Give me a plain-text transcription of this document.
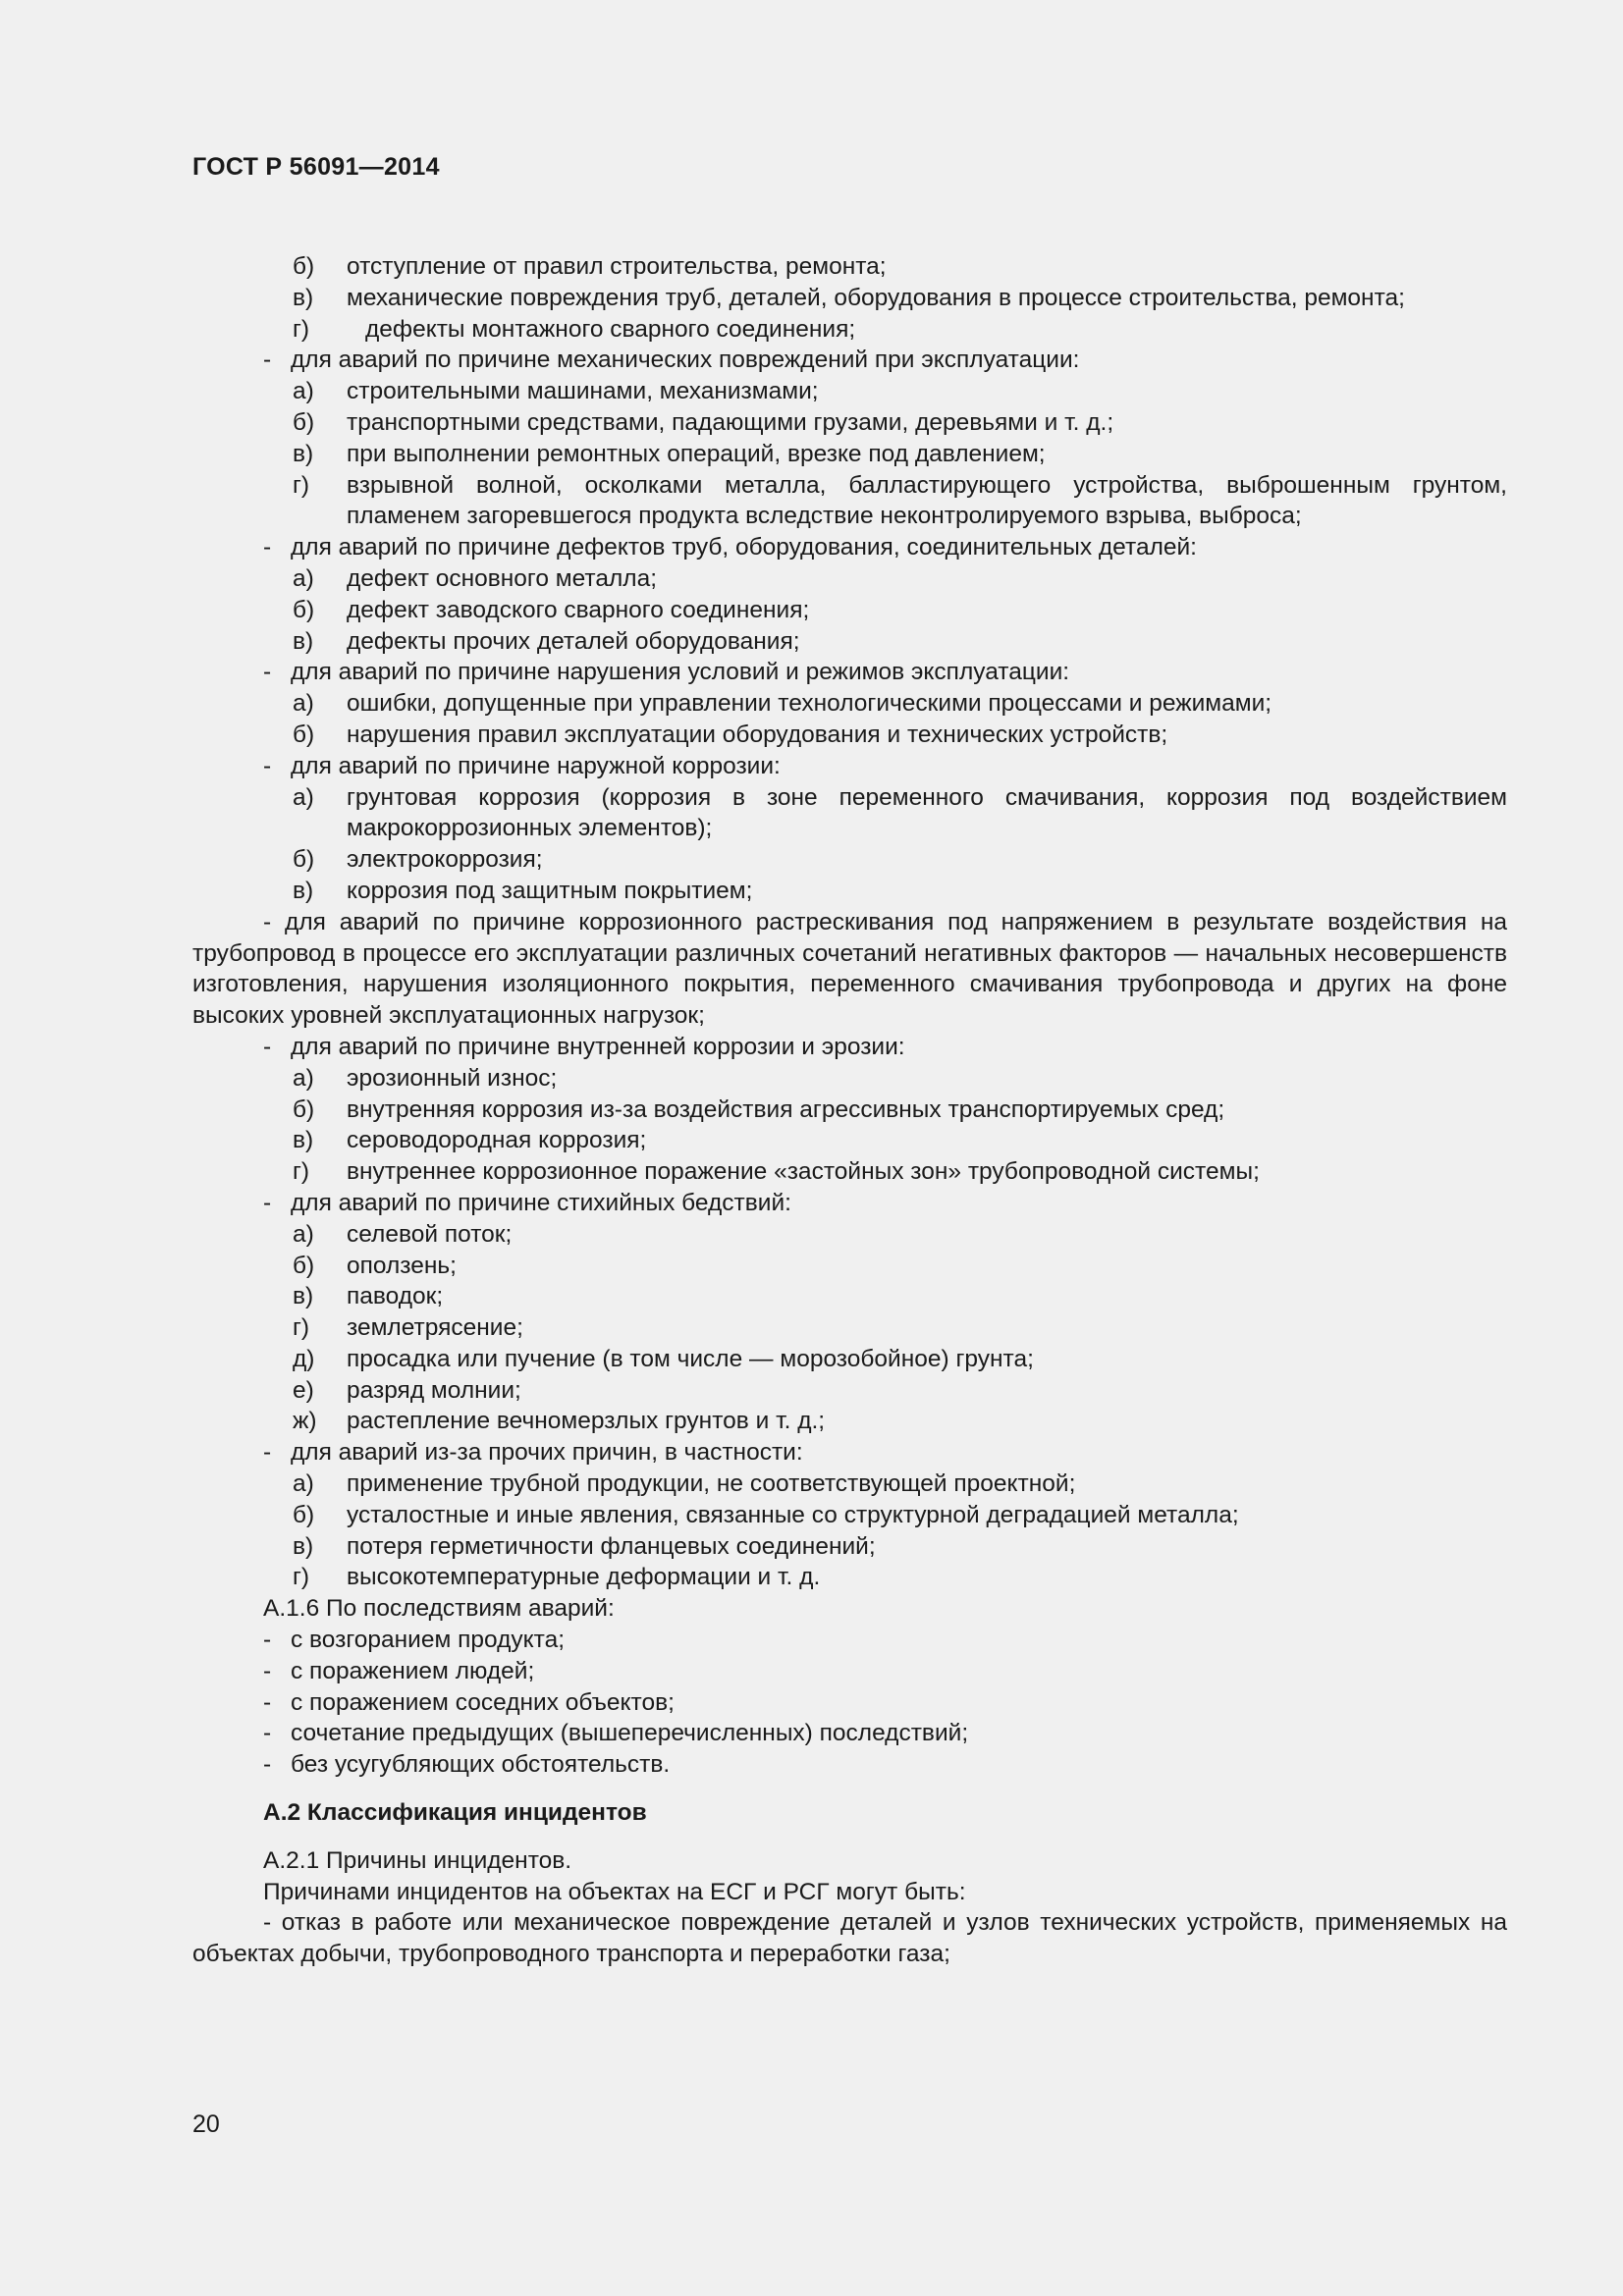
ГОСТ Р 56091—2014
б) отступление от правил строительства, ремонта;
в) механические повреждения труб, деталей, оборудования в процессе строительства, ремонта;
г) дефекты монтажного сварного соединения;
- для аварий по причине механических повреждений при эксплуатации:
а) строительными машинами, механизмами;
б) транспортными средствами, падающими грузами, деревьями и т. д.;
в) при выполнении ремонтных операций, врезке под давлением;
г) взрывной волной, осколками металла, балластирующего устройства, выброшенным грунтом, пламенем загоревшегося продукта вследствие неконтролируемого взрыва, выброса;
- для аварий по причине дефектов труб, оборудования, соединительных деталей:
а) дефект основного металла;
б) дефект заводского сварного соединения;
в) дефекты прочих деталей оборудования;
- для аварий по причине нарушения условий и режимов эксплуатации:
а) ошибки, допущенные при управлении технологическими процессами и режимами;
б) нарушения правил эксплуатации оборудования и технических устройств;
- для аварий по причине наружной коррозии:
а) грунтовая коррозия (коррозия в зоне переменного смачивания, коррозия под воздействием макрокоррозионных элементов);
б) электрокоррозия;
в) коррозия под защитным покрытием;
- для аварий по причине коррозионного растрескивания под напряжением в результате воздействия на трубопровод в процессе его эксплуатации различных сочетаний негативных факторов — начальных несовершенств изготовления, нарушения изоляционного покрытия, переменного смачивания трубопровода и других на фоне высоких уровней эксплуатационных нагрузок;
- для аварий по причине внутренней коррозии и эрозии:
а) эрозионный износ;
б) внутренняя коррозия из-за воздействия агрессивных транспортируемых сред;
в) сероводородная коррозия;
г) внутреннее коррозионное поражение «застойных зон» трубопроводной системы;
- для аварий по причине стихийных бедствий:
а) селевой поток;
б) оползень;
в) паводок;
г) землетрясение;
д) просадка или пучение (в том числе — морозобойное) грунта;
е) разряд молнии;
ж) растепление вечномерзлых грунтов и т. д.;
- для аварий из-за прочих причин, в частности:
а) применение трубной продукции, не соответствующей проектной;
б) усталостные и иные явления, связанные со структурной деградацией металла;
в) потеря герметичности фланцевых соединений;
г) высокотемпературные деформации и т. д.
А.1.6 По последствиям аварий:
- с возгоранием продукта;
- с поражением людей;
- с поражением соседних объектов;
- сочетание предыдущих (вышеперечисленных) последствий;
- без усугубляющих обстоятельств.
А.2 Классификация инцидентов
А.2.1 Причины инцидентов.
Причинами инцидентов на объектах на ЕСГ и РСГ могут быть:
- отказ в работе или механическое повреждение деталей и узлов технических устройств, применяемых на объектах добычи, трубопроводного транспорта и переработки газа;
20
